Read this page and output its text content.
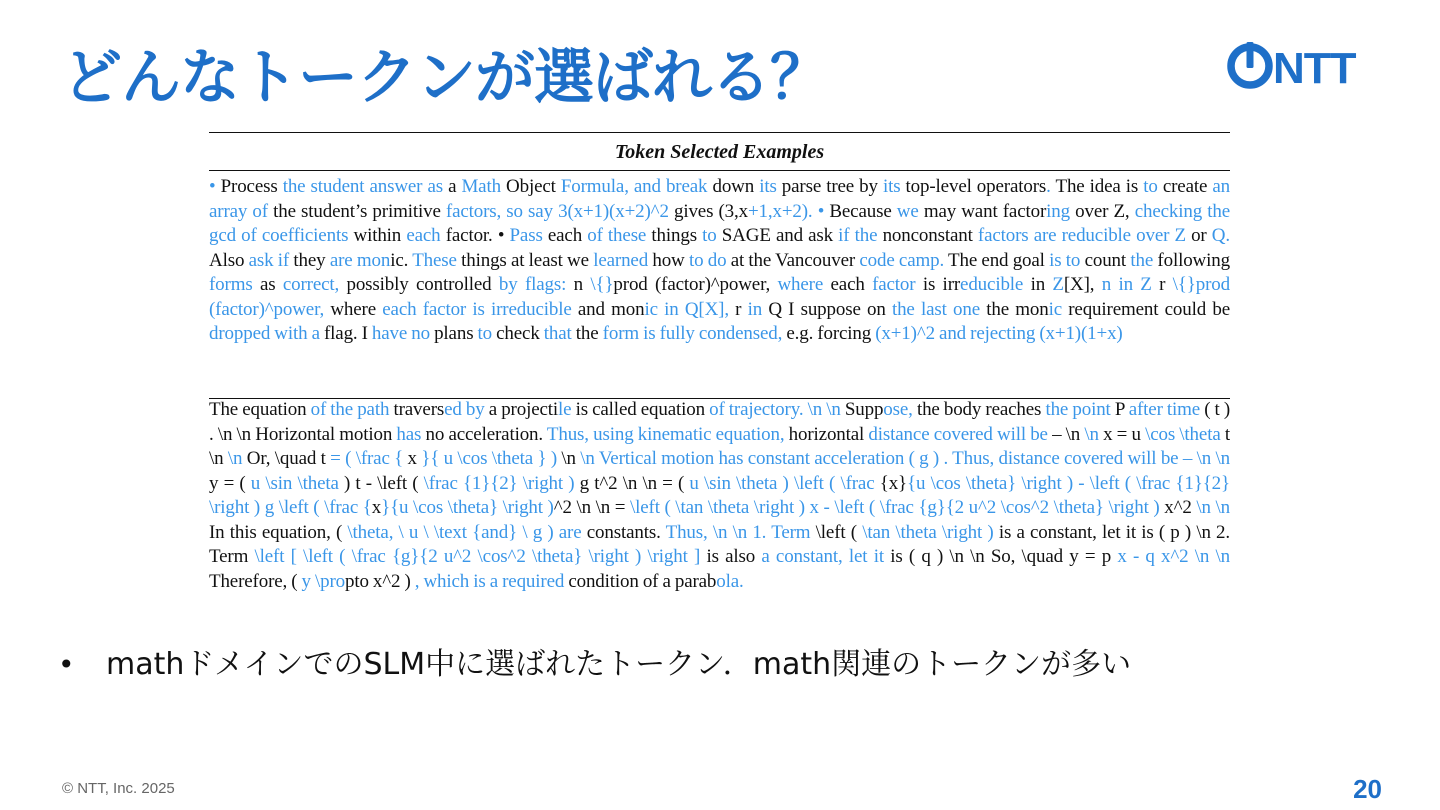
どんなトークンが選ばれる？	NTT
Token Selected Examples
• Process the student answer as a Math Object Formula, and break down its parse tree by its top-level operators. The idea is to create an array of the student’s primitive factors, so say 3(x+1)(x+2)^2 gives (3,x+1,x+2). • Because we may want factoring over Z, checking the gcd of coefficients within each factor. • Pass each of these things to SAGE and ask if the nonconstant factors are reducible over Z or Q. Also ask if they are monic. These things at least we learned how to do at the Vancouver code camp. The end goal is to count the following forms as correct, possibly controlled by flags: n \{}prod (factor)^power, where each factor is irreducible in Z[X], n in Z r \{}prod (factor)^power, where each factor is irreducible and monic in Q[X], r in Q I suppose on the last one the monic requirement could be dropped with a flag. I have no plans to check that the form is fully condensed, e.g. forcing (x+1)^2 and rejecting (x+1)(1+x)
The equation of the path traversed by a projectile is called equation of trajectory. \n \n Suppose, the body reaches the point P after time ( t ) . \n \n Horizontal motion has no acceleration. Thus, using kinematic equation, horizontal distance covered will be – \n \n x = u \cos \theta t \n \n Or, \quad t = ( \frac { x }{ u \cos \theta } ) \n \n Vertical motion has constant acceleration ( g ) . Thus, distance covered will be – \n \n y = ( u \sin \theta ) t - \left ( \frac {1}{2} \right ) g t^2 \n \n = ( u \sin \theta ) \left ( \frac {x}{u \cos \theta} \right ) - \left ( \frac {1}{2} \right ) g \left ( \frac {x}{u \cos \theta} \right )^2 \n \n = \left ( \tan \theta \right ) x - \left ( \frac {g}{2 u^2 \cos^2 \theta} \right ) x^2 \n \n In this equation, ( \theta, \ u \ \text {and} \ g ) are constants. Thus, \n \n 1. Term \left ( \tan \theta \right ) is a constant, let it is ( p ) \n 2. Term \left [ \left ( \frac {g}{2 u^2 \cos^2 \theta} \right ) \right ] is also a constant, let it is ( q ) \n \n So, \quad y = p x - q x^2 \n \n Therefore, ( y \propto x^2 ) , which is a required condition of a parabola.
•	mathドメインでのSLM中に選ばれたトークン．math関連のトークンが多い
© NTT, Inc. 2025	20
